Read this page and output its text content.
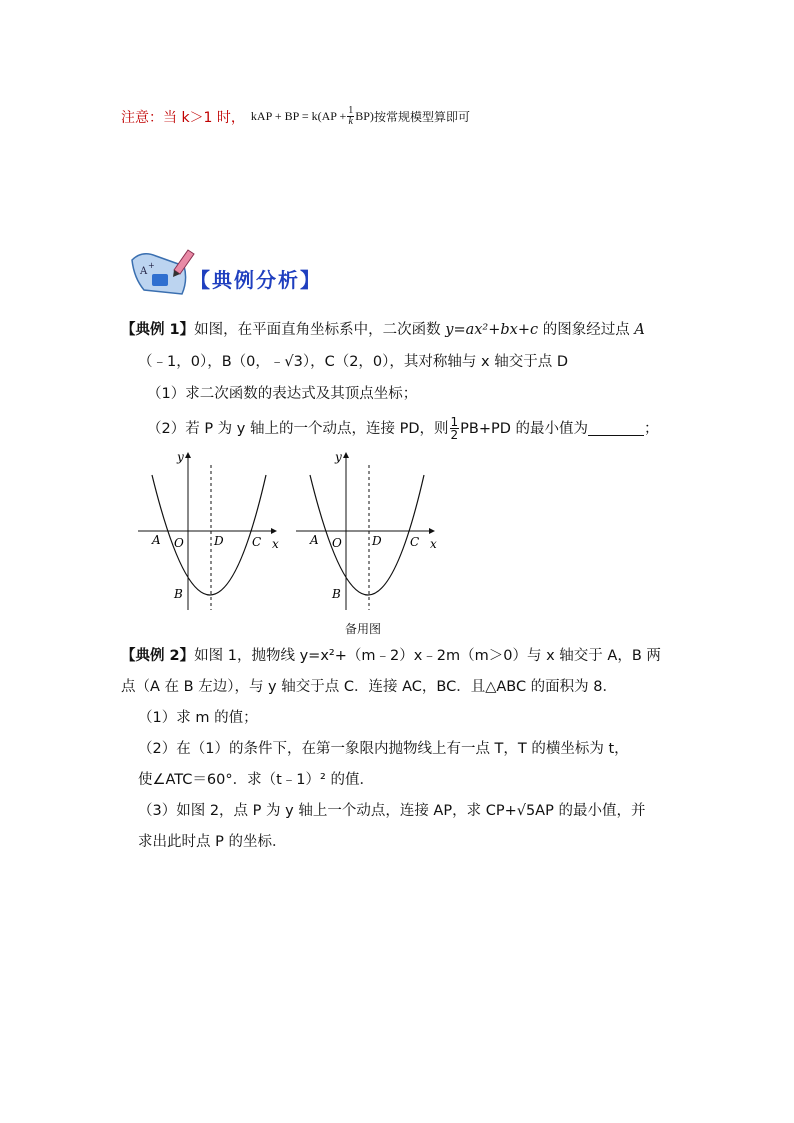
注意：当 k＞1 时， kAP + BP = $k(AP + \frac{1}{k} BP)$ 按常规模型算即可
A
+
【典例分析】
【典例 1】如图，在平面直角坐标系中，二次函数 y=ax²+bx+c 的图象经过点 A
（﹣1，0），B（0，﹣√3），C（2，0），其对称轴与 x 轴交于点 D
（1）求二次函数的表达式及其顶点坐标；
（2）若 P 为 y 轴上的一个动点，连接 PD，则 $\frac{1}{2} PB+PD$ 的最小值为	；
y
x
A O	D C
B
y
x
A O	D C
B
备用图
【典例 2】如图 1，抛物线 y=x²+（m﹣2）x﹣2m（m＞0）与 x 轴交于 A，B 两
点（A 在 B 左边），与 y 轴交于点 C．连接 AC，BC．且△ABC 的面积为 8．
（1）求 m 的值；
（2）在（1）的条件下，在第一象限内抛物线上有一点 T，T 的横坐标为 t，
使∠ATC＝60°．求（t﹣1）² 的值．
（3）如图 2，点 P 为 y 轴上一个动点，连接 AP，求 CP+√5AP 的最小值，并
求出此时点 P 的坐标．
